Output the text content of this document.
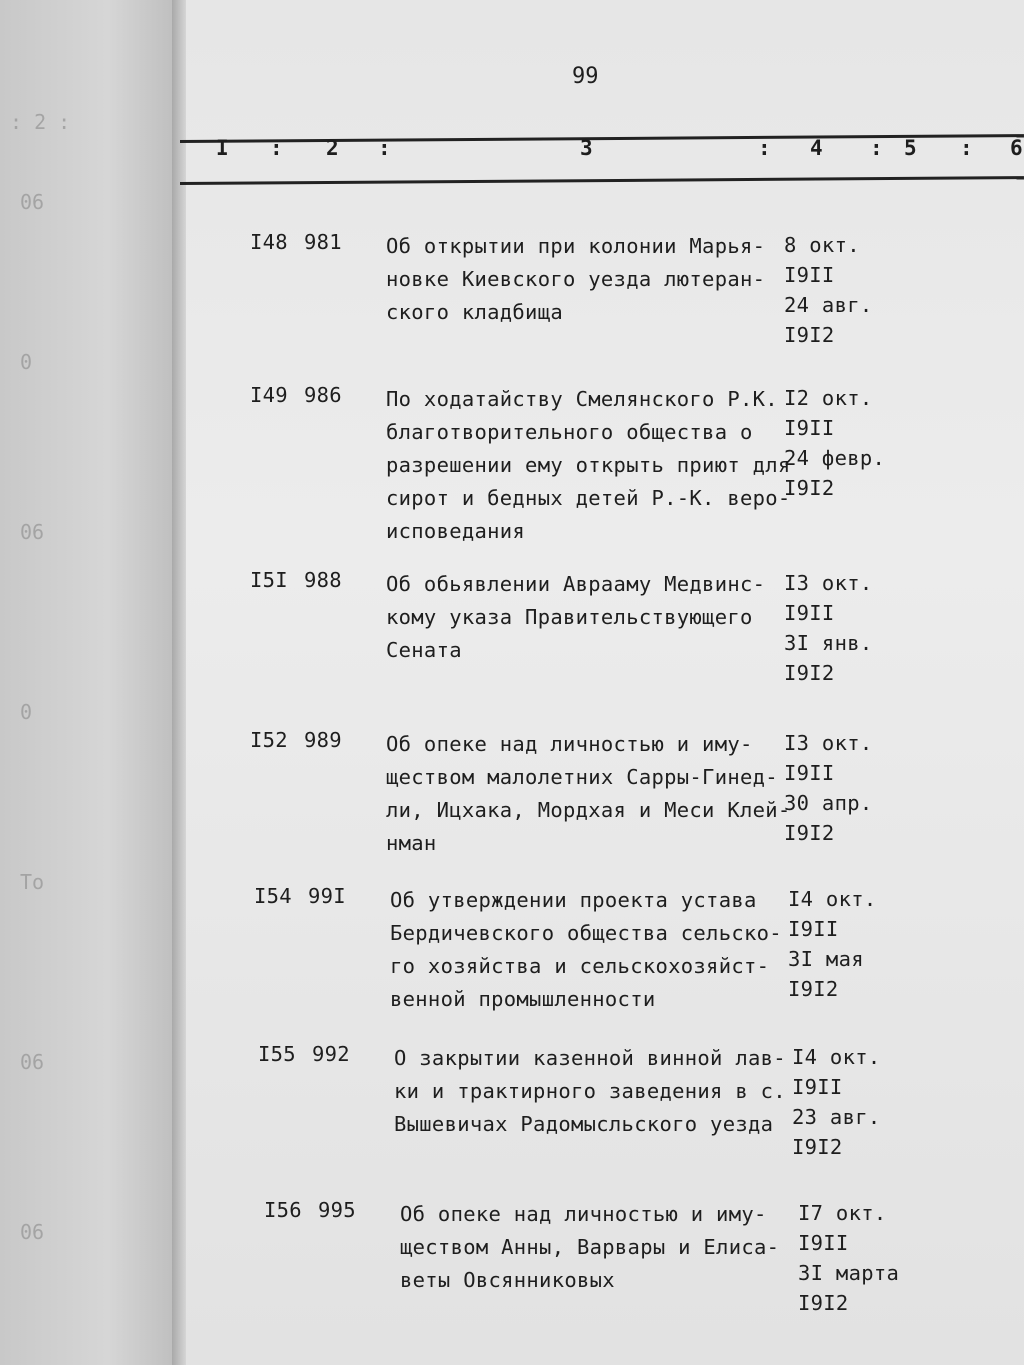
: 2 :
06
0
06
0
To
06
06
99
I : 2 :	3	: 4 : 5 : 6
I48 981 Об открытии при колонии Марья-
новке Киевского уезда лютеран-
ского кладбища
8 окт.
I9II
24 авг.
I9I2
I49 986 По ходатайству Смелянского Р.К.
благотворительного общества о
разрешении ему открыть приют для
сирот и бедных детей Р.-К. веро-
исповедания
I2 окт.
I9II
24 февр.
I9I2
I5I 988 Об обьявлении Аврааму Медвинс-
кому указа Правительствующего
Сената
I3 окт.
I9II
3I янв.
I9I2
I52 989 Об опеке над личностью и иму-
ществом малолетних Сарры-Гинед-
ли, Ицхака, Мордхая и Меси Клей-
нман
I3 окт.
I9II
30 апр.
I9I2
I54 99I Об утверждении проекта устава
Бердичевского общества сельско-
го хозяйства и сельскохозяйст-
венной промышленности
I4 окт.
I9II
3I мая
I9I2
I55 992 О закрытии казенной винной лав-
ки и трактирного заведения в с.
Вышевичах Радомысльского уезда
I4 окт.
I9II
23 авг.
I9I2
I56 995 Об опеке над личностью и иму-
ществом Анны, Варвары и Елиса-
веты Овсянниковых
I7 окт.
I9II
3I марта
I9I2
